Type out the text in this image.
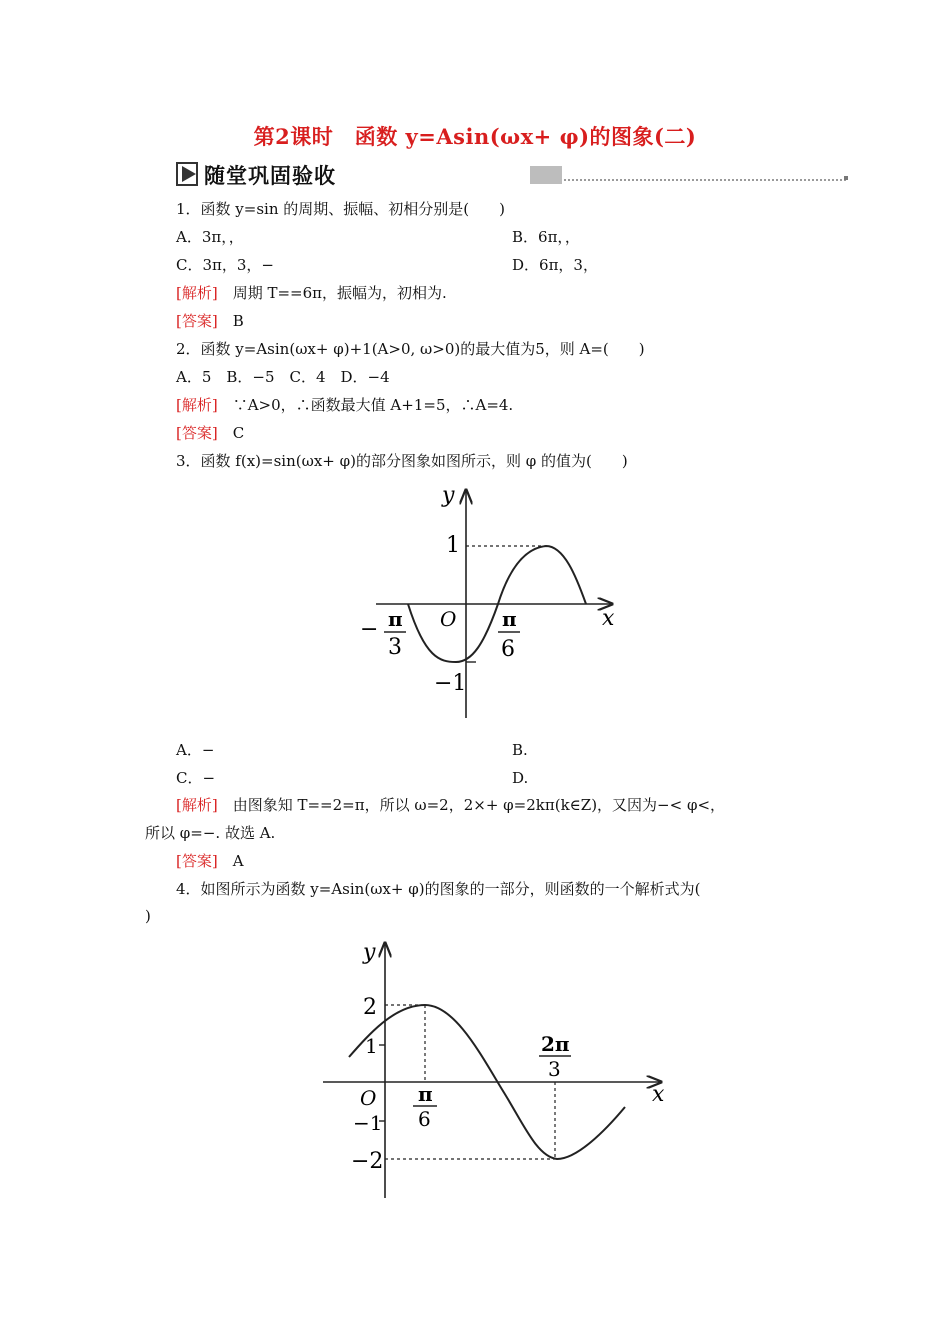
第2课时　函数 y=Asin(ωx+ φ)的图象(二)
随堂巩固验收
1．函数 y=sin 的周期、振幅、初相分别是(　　)
A．3π，，	B．6π，，
C．3π，3，−	D．6π，3，
[解析]　周期 T==6π，振幅为，初相为.
[答案]　B
2．函数 y=Asin(ωx+ φ)+1(A>0, ω>0)的最大值为5，则 A=(　　)
A．5　B．−5　C．4　D．−4
[解析]　∵A>0，∴函数最大值 A+1=5，∴A=4.
[答案]　C
3．函数 f(x)=sin(ωx+ φ)的部分图象如图所示，则 φ 的值为(　　)
y
x
O
1
−1
− π
3
π
6
A．−	B.
C．−	D.
[解析]　由图象知 T==2=π，所以 ω=2，2×+ φ=2kπ(k∈Z)，又因为−< φ<，
所以 φ=−. 故选 A.
[答案]　A
4．如图所示为函数 y=Asin(ωx+ φ)的图象的一部分，则函数的一个解析式为(
)
y
x
O
2
1
−1
−2
π
6
2π
3
